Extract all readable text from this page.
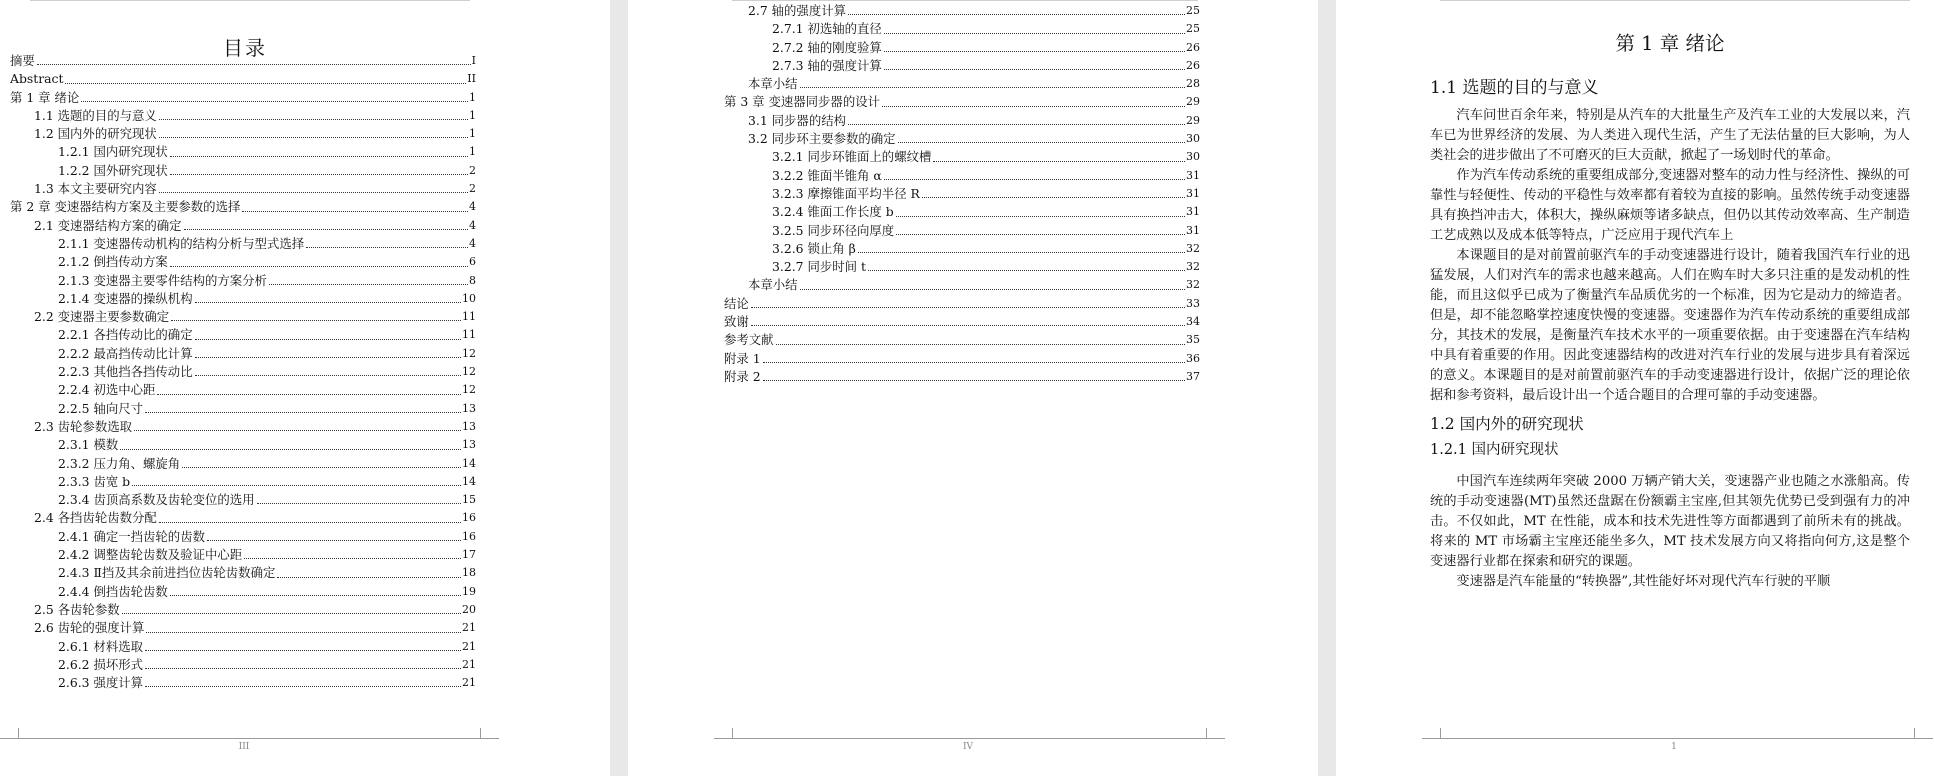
目录
摘要	I
Abstract	II
第 1 章 绪论	1
1.1 选题的目的与意义	1
1.2 国内外的研究现状	1
1.2.1 国内研究现状	1
1.2.2 国外研究现状	2
1.3 本文主要研究内容	2
第 2 章 变速器结构方案及主要参数的选择	4
2.1 变速器结构方案的确定	4
2.1.1 变速器传动机构的结构分析与型式选择	4
2.1.2 倒挡传动方案	6
2.1.3 变速器主要零件结构的方案分析	8
2.1.4 变速器的操纵机构	10
2.2 变速器主要参数确定	11
2.2.1 各挡传动比的确定	11
2.2.2 最高挡传动比计算	12
2.2.3 其他挡各挡传动比	12
2.2.4 初选中心距	12
2.2.5 轴向尺寸	13
2.3 齿轮参数选取	13
2.3.1 模数	13
2.3.2 压力角、螺旋角	14
2.3.3 齿宽 b	14
2.3.4 齿顶高系数及齿轮变位的选用	15
2.4 各挡齿轮齿数分配	16
2.4.1 确定一挡齿轮的齿数	16
2.4.2 调整齿轮齿数及验证中心距	17
2.4.3 Ⅱ挡及其余前进挡位齿轮齿数确定	18
2.4.4 倒挡齿轮齿数	19
2.5 各齿轮参数	20
2.6 齿轮的强度计算	21
2.6.1 材料选取	21
2.6.2 损坏形式	21
2.6.3 强度计算	21
III
2.7 轴的强度计算	25
2.7.1 初选轴的直径	25
2.7.2 轴的刚度验算	26
2.7.3 轴的强度计算	26
本章小结	28
第 3 章 变速器同步器的设计	29
3.1 同步器的结构	29
3.2 同步环主要参数的确定	30
3.2.1 同步环锥面上的螺纹槽	30
3.2.2 锥面半锥角 α	31
3.2.3 摩擦锥面平均半径 R	31
3.2.4 锥面工作长度 b	31
3.2.5 同步环径向厚度	31
3.2.6 锁止角 β	32
3.2.7 同步时间 t	32
本章小结	32
结论	33
致谢	34
参考文献	35
附录 1	36
附录 2	37
IV
第 1 章 绪论
1.1 选题的目的与意义

汽车问世百余年来，特别是从汽车的大批量生产及汽车工业的大发展以来，汽车已为世界经济的发展、为人类进入现代生活，产生了无法估量的巨大影响，为人类社会的进步做出了不可磨灭的巨大贡献，掀起了一场划时代的革命。

作为汽车传动系统的重要组成部分,变速器对整车的动力性与经济性、操纵的可靠性与轻便性、传动的平稳性与效率都有着较为直接的影响。虽然传统手动变速器具有换挡冲击大，体积大，操纵麻烦等诸多缺点，但仍以其传动效率高、生产制造工艺成熟以及成本低等特点，广泛应用于现代汽车上

本课题目的是对前置前驱汽车的手动变速器进行设计，随着我国汽车行业的迅猛发展，人们对汽车的需求也越来越高。人们在购车时大多只注重的是发动机的性能，而且这似乎已成为了衡量汽车品质优劣的一个标准，因为它是动力的缔造者。但是，却不能忽略掌控速度快慢的变速器。变速器作为汽车传动系统的重要组成部分，其技术的发展，是衡量汽车技术水平的一项重要依据。由于变速器在汽车结构中具有着重要的作用。因此变速器结构的改进对汽车行业的发展与进步具有着深远的意义。本课题目的是对前置前驱汽车的手动变速器进行设计，依据广泛的理论依据和参考资料，最后设计出一个适合题目的合理可靠的手动变速器。

1.2 国内外的研究现状
1.2.1 国内研究现状

中国汽车连续两年突破 2000 万辆产销大关，变速器产业也随之水涨船高。传统的手动变速器(MT)虽然还盘踞在份额霸主宝座,但其领先优势已受到强有力的冲击。不仅如此，MT 在性能，成本和技术先进性等方面都遇到了前所未有的挑战。将来的 MT 市场霸主宝座还能坐多久，MT 技术发展方向又将指向何方,这是整个变速器行业都在探索和研究的课题。

变速器是汽车能量的“转换器”,其性能好坏对现代汽车行驶的平顺

1
